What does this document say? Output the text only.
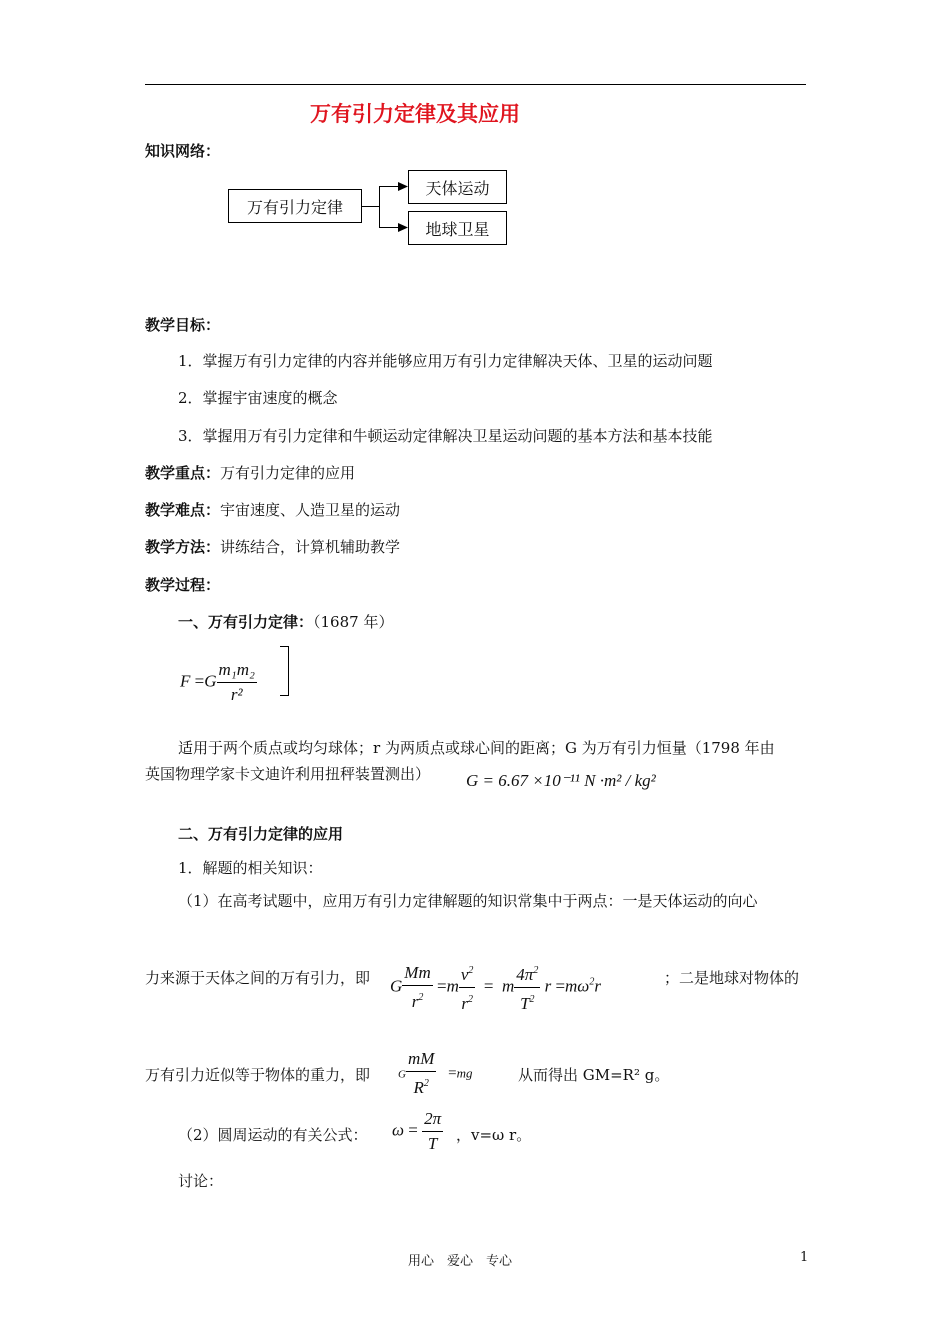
万有引力定律及其应用
知识网络：
万有引力定律
天体运动
地球卫星
教学目标：
1．掌握万有引力定律的内容并能够应用万有引力定律解决天体、卫星的运动问题
2．掌握宇宙速度的概念
3．掌握用万有引力定律和牛顿运动定律解决卫星运动问题的基本方法和基本技能
教学重点：万有引力定律的应用
教学难点：宇宙速度、人造卫星的运动
教学方法：讲练结合，计算机辅助教学
教学过程：
一、万有引力定律：（1687 年）
$F =G \frac{\text{m₁m₂}}{\text{r²}}$
适用于两个质点或均匀球体；r 为两质点或球心间的距离；G 为万有引力恒量（1798 年由
英国物理学家卡文迪许利用扭秤装置测出） G = 6.67 ×10⁻¹¹ N ·m² / kg²
二、万有引力定律的应用
1．解题的相关知识：
（1）在高考试题中，应用万有引力定律解题的知识常集中于两点：一是天体运动的向心
力来源于天体之间的万有引力，即 G $\frac{Mm}{r^2} =m \frac{v^2}{r^2} = m \frac{4\pi^2}{T^2}$ $r =m\omega^2r$	；二是地球对物体的
万有引力近似等于物体的重力，即	G $\frac{mM}{R^2} =mg$	从而得出 GM=R² g。
（2）圆周运动的有关公式： $\omega = \frac{2\pi}{T}$ ，v=ω r。
讨论：
用心　爱心　专心	1
